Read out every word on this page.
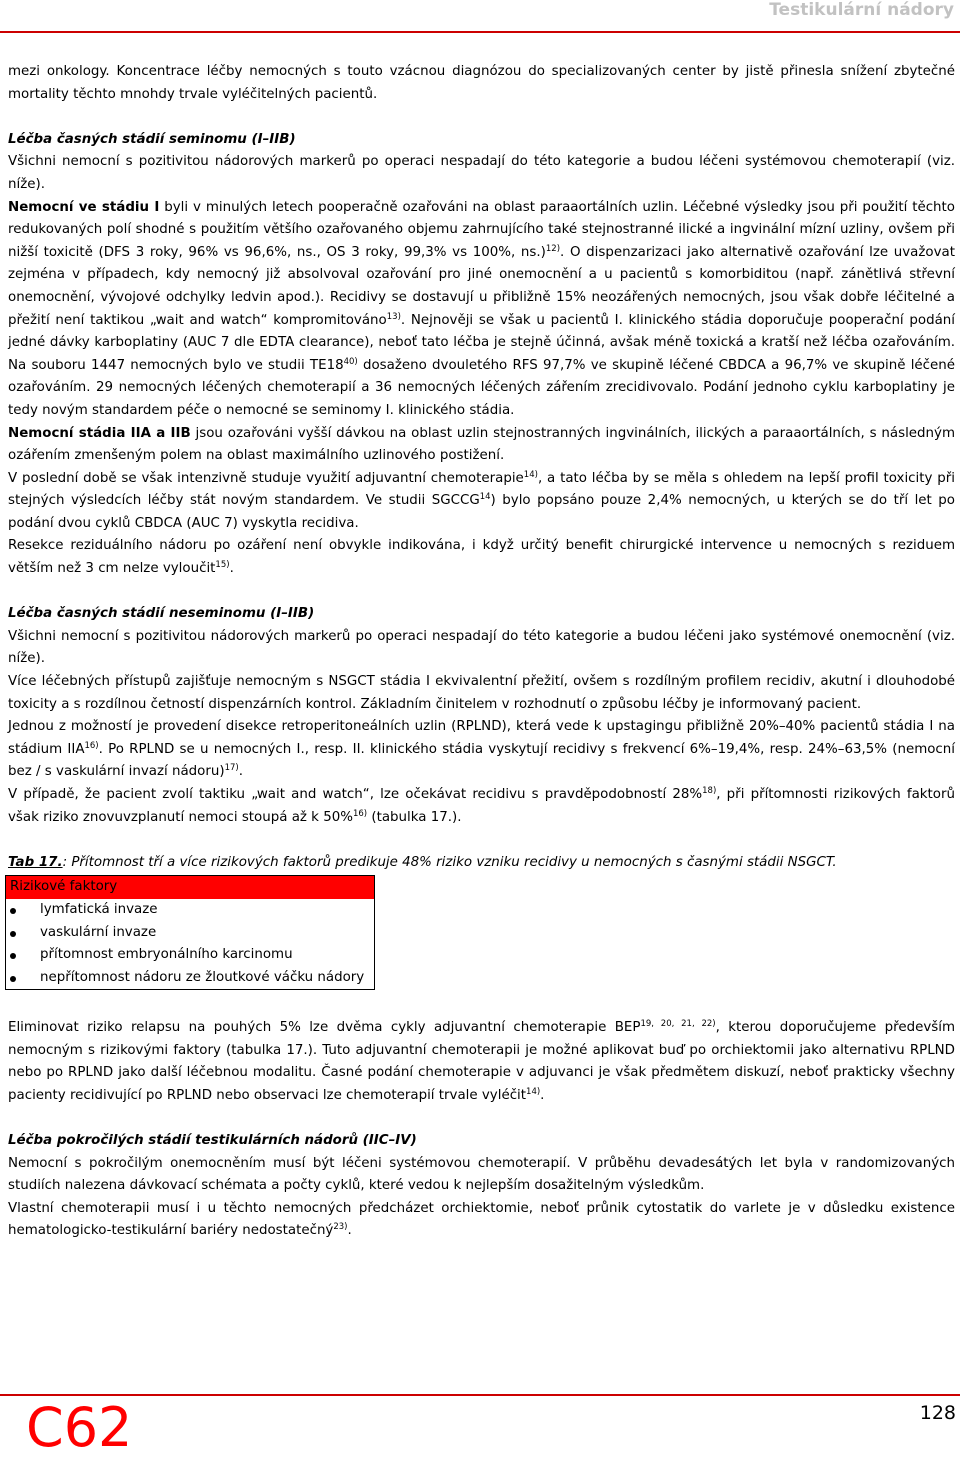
Testikulární nádory

mezi onkology. Koncentrace léčby nemocných s touto vzácnou diagnózou do specializovaných center by jistě přinesla snížení zbytečné mortality těchto mnohdy trvale vyléčitelných pacientů.

Léčba časných stádií seminomu (I–IIB)

Všichni nemocní s pozitivitou nádorových markerů po operaci nespadají do této kategorie a budou léčeni systémovou chemoterapií (viz. níže).

Nemocní ve stádiu I byli v minulých letech pooperačně ozařováni na oblast paraaortálních uzlin. Léčebné výsledky jsou při použití těchto redukovaných polí shodné s použitím většího ozařovaného objemu zahrnujícího také stejnostranné ilické a ingvinální mízní uzliny, ovšem při nižší toxicitě (DFS 3 roky, 96% vs 96,6%, ns., OS 3 roky, 99,3% vs 100%, ns.)$^{12)}$. O dispenzarizaci jako alternativě ozařování lze uvažovat zejména v případech, kdy nemocný již absolvoval ozařování pro jiné onemocnění a u pacientů s komorbiditou (např. zánětlivá střevní onemocnění, vývojové odchylky ledvin apod.). Recidivy se dostavují u přibližně 15% neozářených nemocných, jsou však dobře léčitelné a přežití není taktikou „wait and watch“ kompromitováno$^{13)}$. Nejnověji se však u pacientů I. klinického stádia doporučuje pooperační podání jedné dávky karboplatiny (AUC 7 dle EDTA clearance), neboť tato léčba je stejně účinná, avšak méně toxická a kratší než léčba ozařováním. Na souboru 1447 nemocných bylo ve studii TE18$^{40)}$ dosaženo dvouletého RFS 97,7% ve skupině léčené CBDCA a 96,7% ve skupině léčené ozařováním. 29 nemocných léčených chemoterapií a 36 nemocných léčených zářením zrecidivovalo. Podání jednoho cyklu karboplatiny je tedy novým standardem péče o nemocné se seminomy I. klinického stádia.

Nemocní stádia IIA a IIB jsou ozařováni vyšší dávkou na oblast uzlin stejnostranných ingvinálních, ilických a paraaortálních, s následným ozářením zmenšeným polem na oblast maximálního uzlinového postižení.

V poslední době se však intenzivně studuje využití adjuvantní chemoterapie$^{14)}$, a tato léčba by se měla s ohledem na lepší profil toxicity při stejných výsledcích léčby stát novým standardem. Ve studii SGCCG$^{14}$) bylo popsáno pouze 2,4% nemocných, u kterých se do tří let po podání dvou cyklů CBDCA (AUC 7) vyskytla recidiva.

Resekce reziduálního nádoru po ozáření není obvykle indikována, i když určitý benefit chirurgické intervence u nemocných s reziduem větším než 3 cm nelze vyloučit$^{15)}$.

Léčba časných stádií neseminomu (I–IIB)

Všichni nemocní s pozitivitou nádorových markerů po operaci nespadají do této kategorie a budou léčeni jako systémové onemocnění (viz. níže).

Více léčebných přístupů zajišťuje nemocným s NSGCT stádia I ekvivalentní přežití, ovšem s rozdílným profilem recidiv, akutní i dlouhodobé toxicity a s rozdílnou četností dispenzárních kontrol. Základním činitelem v rozhodnutí o způsobu léčby je informovaný pacient.

Jednou z možností je provedení disekce retroperitoneálních uzlin (RPLND), která vede k upstagingu přibližně 20%–40% pacientů stádia I na stádium IIA$^{16)}$. Po RPLND se u nemocných I., resp. II. klinického stádia vyskytují recidivy s frekvencí 6%–19,4%, resp. 24%–63,5% (nemocní bez / s vaskulární invazí nádoru)$^{17)}$.

V případě, že pacient zvolí taktiku „wait and watch“, lze očekávat recidivu s pravděpodobností 28%$^{18)}$, při přítomnosti rizikových faktorů však riziko znovuvzplanutí nemoci stoupá až k 50%$^{16)}$ (tabulka 17.).

Tab 17.: Přítomnost tří a více rizikových faktorů predikuje 48% riziko vzniku recidivy u nemocných s časnými stádii NSGCT.

Rizikové faktory
lymfatická invaze
vaskulární invaze
přítomnost embryonálního karcinomu
nepřítomnost nádoru ze žloutkové váčku nádory

Eliminovat riziko relapsu na pouhých 5% lze dvěma cykly adjuvantní chemoterapie BEP$^{19, 20, 21, 22)}$, kterou doporučujeme především nemocným s rizikovými faktory (tabulka 17.). Tuto adjuvantní chemoterapii je možné aplikovat buď po orchiektomii jako alternativu RPLND nebo po RPLND jako další léčebnou modalitu. Časné podání chemoterapie v adjuvanci je však předmětem diskuzí, neboť prakticky všechny pacienty recidivující po RPLND nebo observaci lze chemoterapií trvale vyléčit$^{14)}$.

Léčba pokročilých stádií testikulárních nádorů (IIC–IV)

Nemocní s pokročilým onemocněním musí být léčeni systémovou chemoterapií. V průběhu devadesátých let byla v randomizovaných studiích nalezena dávkovací schémata a počty cyklů, které vedou k nejlepším dosažitelným výsledkům.

Vlastní chemoterapii musí i u těchto nemocných předcházet orchiektomie, neboť průnik cytostatik do varlete je v důsledku existence hematologicko-testikulární bariéry nedostatečný$^{23)}$.

C62	128
